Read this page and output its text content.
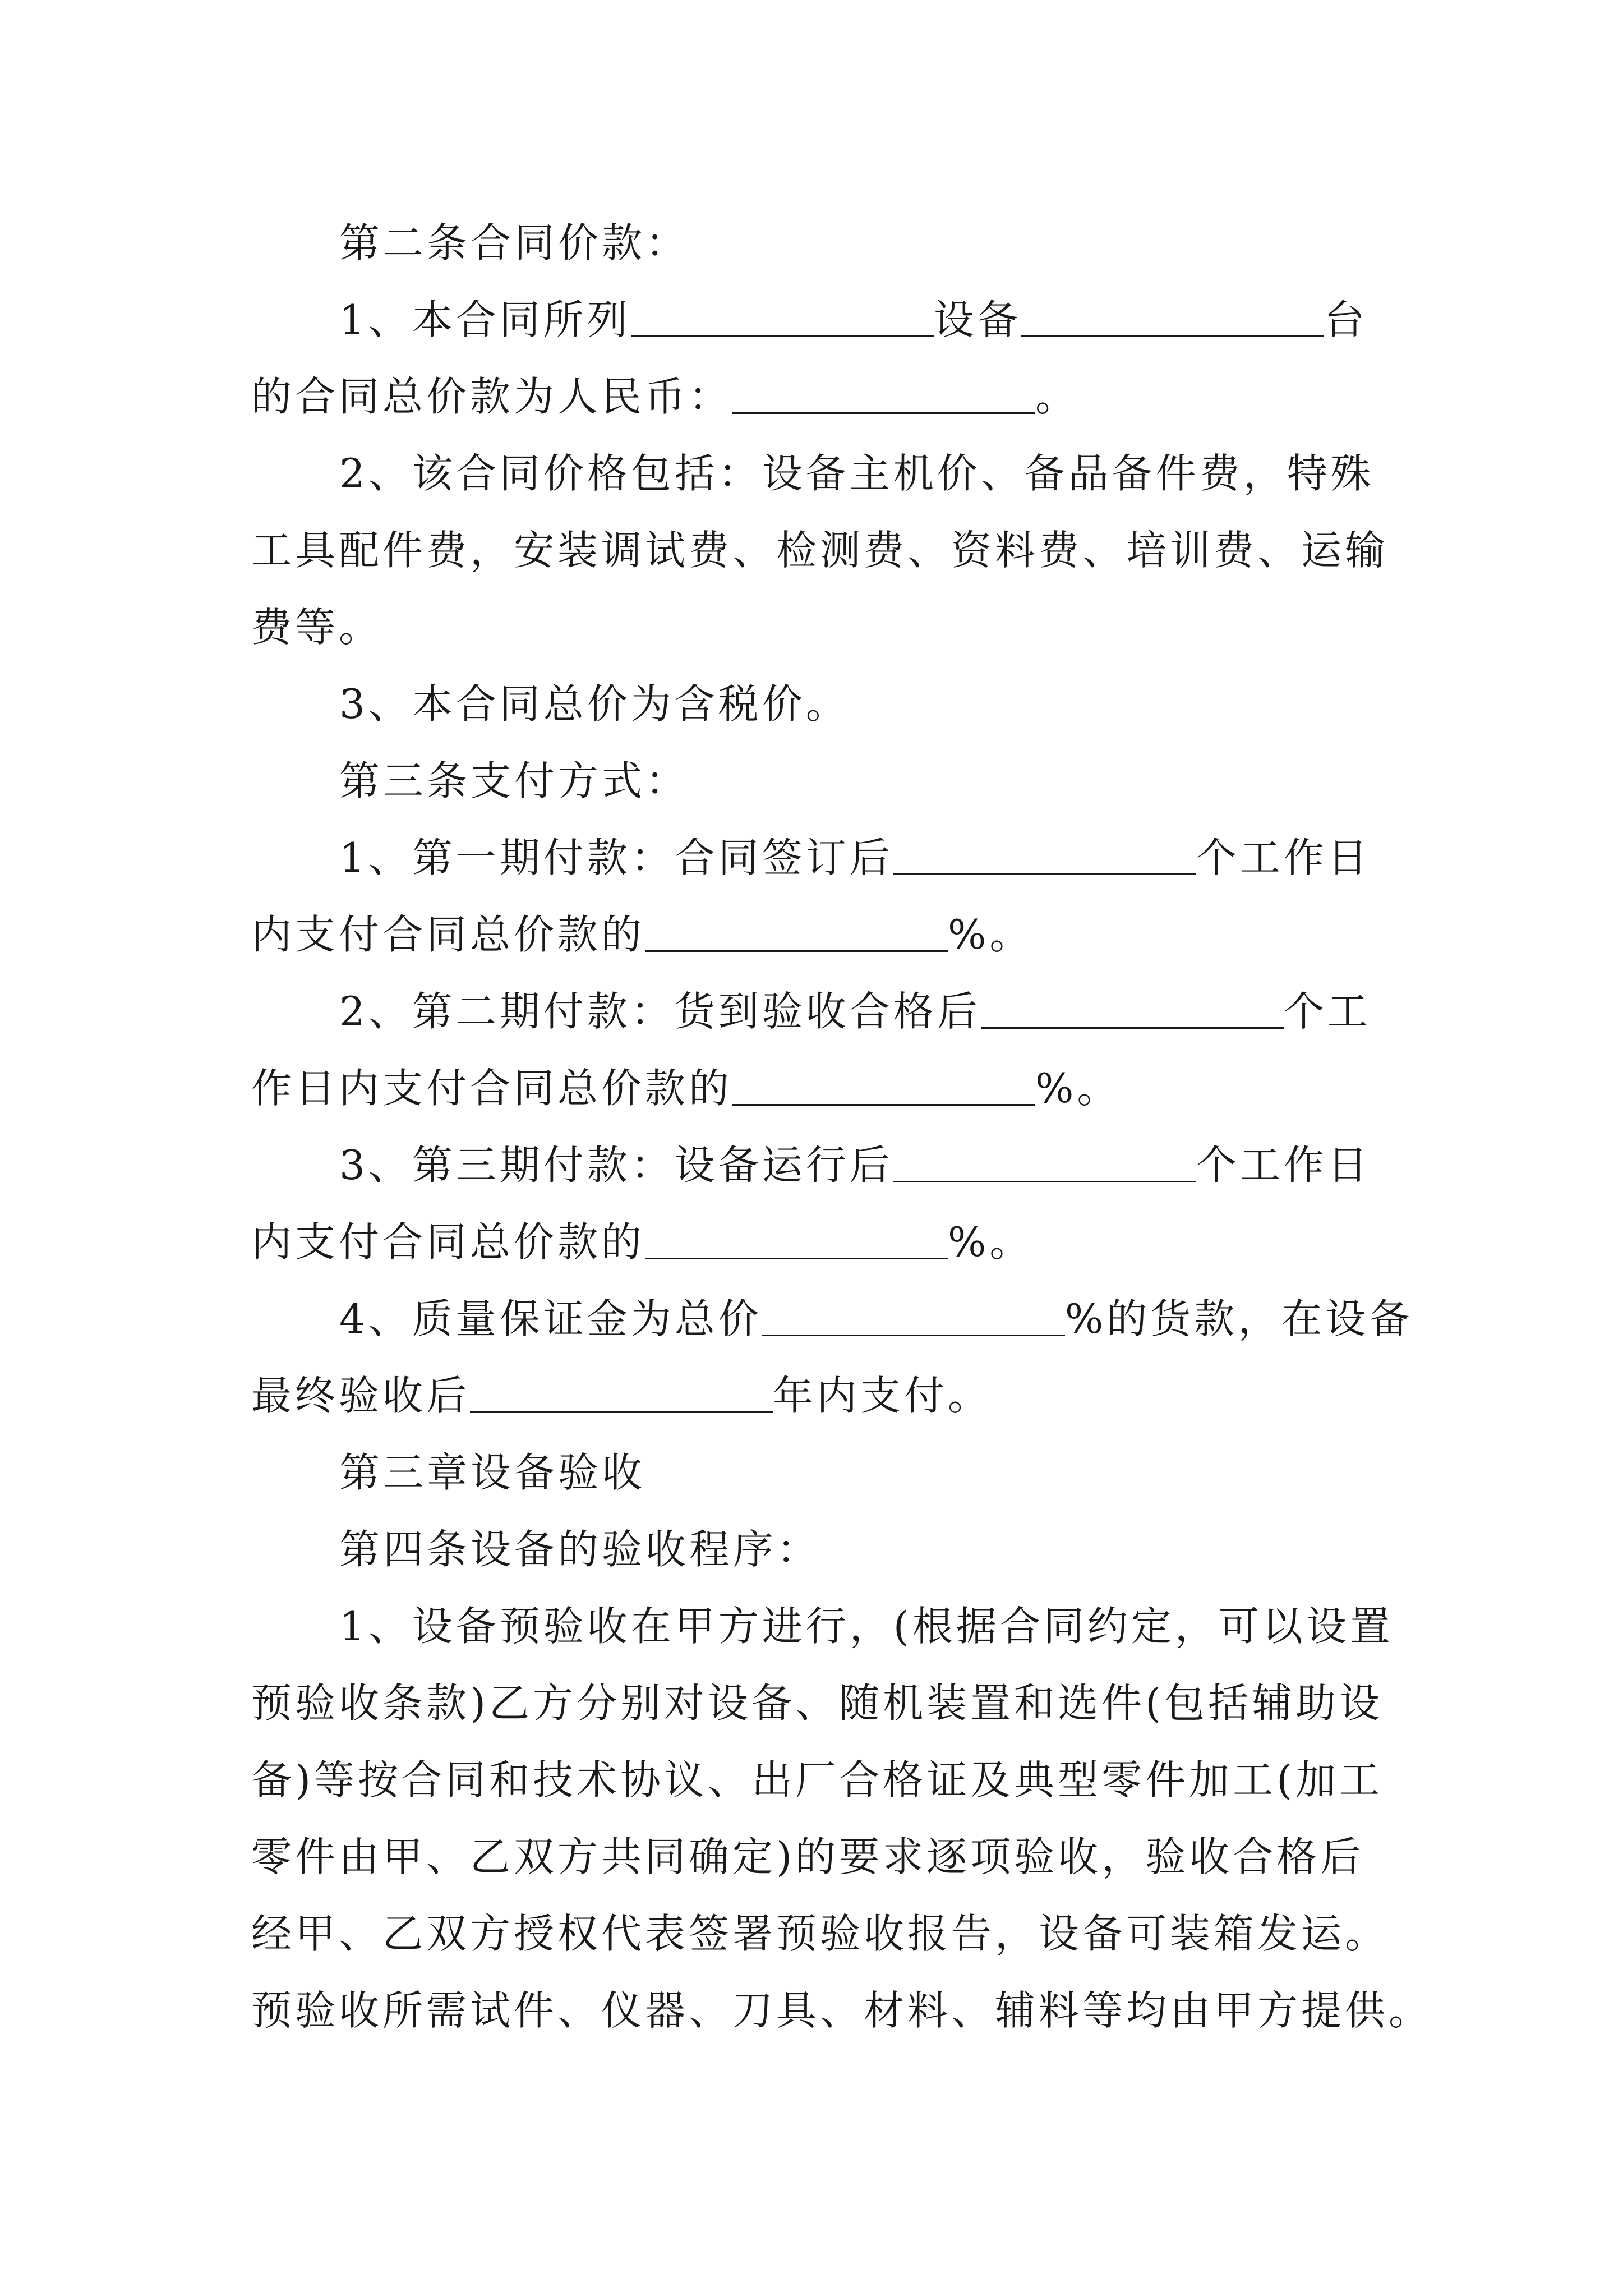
第二条合同价款：
1、本合同所列	设备	台
的合同总价款为人民币：	。
2、该合同价格包括：设备主机价、备品备件费，特殊
工具配件费，安装调试费、检测费、资料费、培训费、运输
费等。
3、本合同总价为含税价。
第三条支付方式：
1、第一期付款：合同签订后	个工作日
内支付合同总价款的	%。
2、第二期付款：货到验收合格后	个工
作日内支付合同总价款的	%。
3、第三期付款：设备运行后	个工作日
内支付合同总价款的	%。
4、质量保证金为总价	%的货款，在设备
最终验收后	年内支付。
第三章设备验收
第四条设备的验收程序：
1、设备预验收在甲方进行，(根据合同约定，可以设置
预验收条款)乙方分别对设备、随机装置和选件(包括辅助设
备)等按合同和技术协议、出厂合格证及典型零件加工(加工
零件由甲、乙双方共同确定)的要求逐项验收，验收合格后
经甲、乙双方授权代表签署预验收报告，设备可装箱发运。
预验收所需试件、仪器、刀具、材料、辅料等均由甲方提供。
